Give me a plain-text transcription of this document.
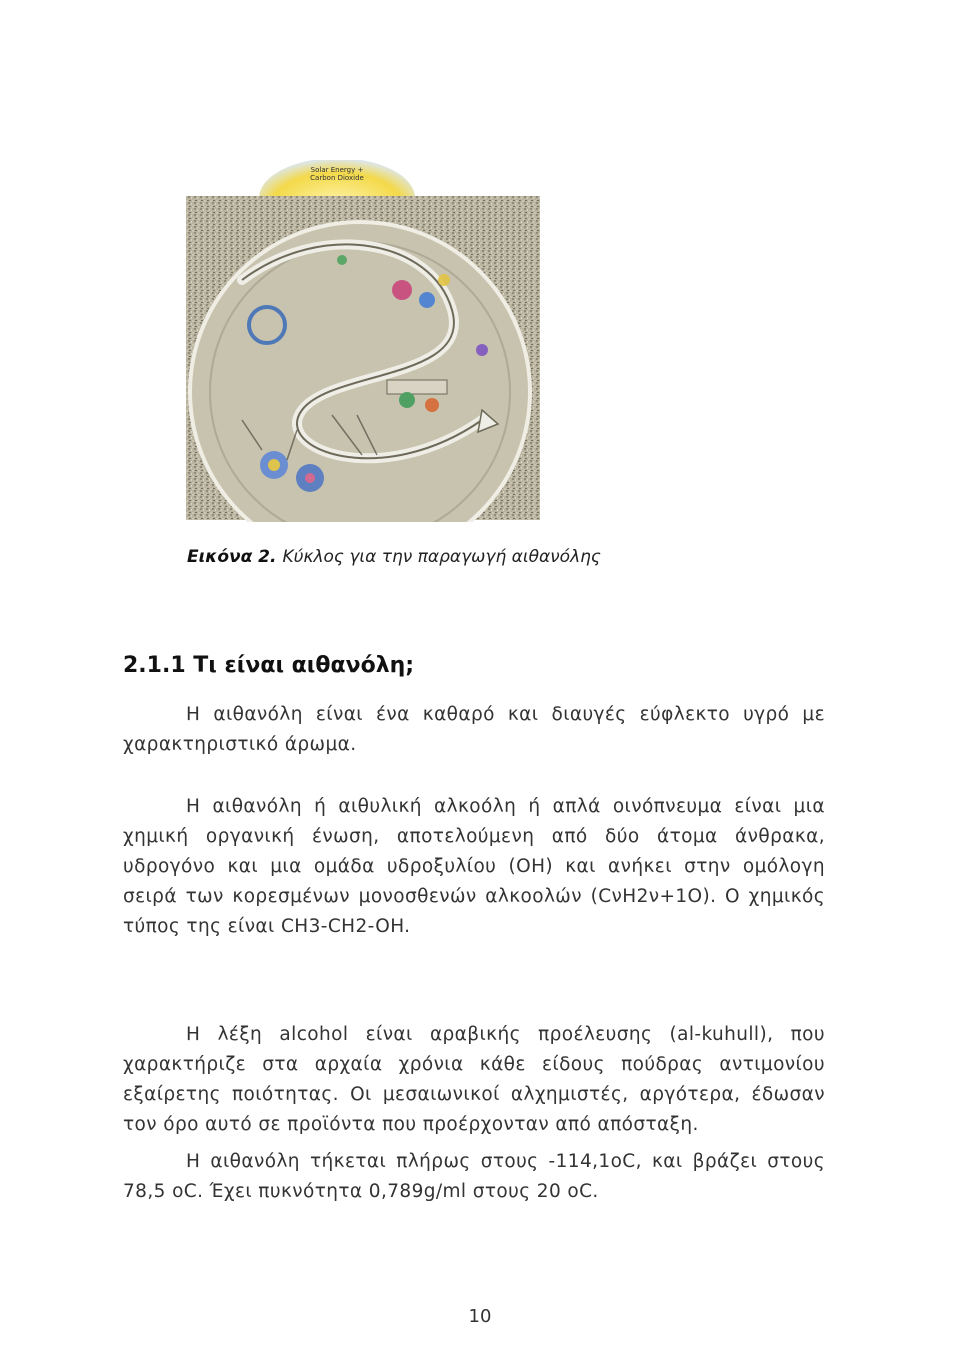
Solar Energy +
Carbon Dioxide
Εικόνα 2. Κύκλος για την παραγωγή αιθανόλης
2.1.1 Τι είναι αιθανόλη;
Η αιθανόλη είναι ένα καθαρό και διαυγές εύφλεκτο υγρό με χαρακτηριστικό άρωμα.
Η αιθανόλη ή αιθυλική αλκοόλη ή απλά οινόπνευμα είναι μια χημική οργανική ένωση, αποτελούμενη από δύο άτομα άνθρακα, υδρογόνο και μια ομάδα υδροξυλίου (OH) και ανήκει στην ομόλογη σειρά των κορεσμένων μονοσθενών αλκοολών (CνH2ν+1O). Ο χημικός τύπος της είναι CH3-CH2-OH.
Η λέξη alcohol είναι αραβικής προέλευσης (al-kuhull), που χαρακτήριζε στα αρχαία χρόνια κάθε είδους πούδρας αντιμονίου εξαίρετης ποιότητας. Οι μεσαιωνικοί αλχημιστές, αργότερα, έδωσαν τον όρο αυτό σε προϊόντα που προέρχονταν από απόσταξη.
Η αιθανόλη τήκεται πλήρως στους -114,1oC, και βράζει στους 78,5 oC. Έχει πυκνότητα 0,789g/ml στους 20 oC.
10
